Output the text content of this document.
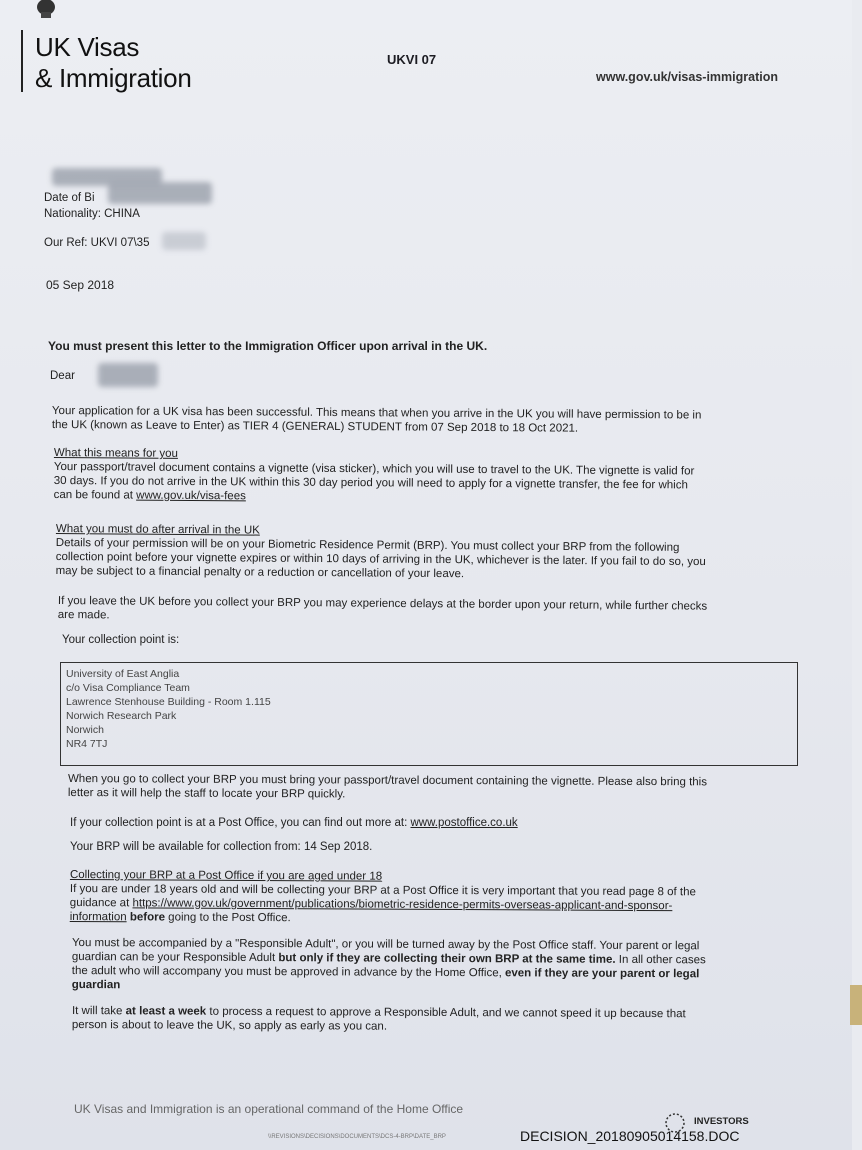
UK Visas
& Immigration
UKVI 07
www.gov.uk/visas-immigration
Date of Bi
Nationality: CHINA
Our Ref: UKVI 07\35
05 Sep 2018
You must present this letter to the Immigration Officer upon arrival in the UK.
Dear
Your application for a UK visa has been successful. This means that when you arrive in the UK you will have permission to be in
the UK (known as Leave to Enter) as TIER 4 (GENERAL) STUDENT from 07 Sep 2018 to 18 Oct 2021.
What this means for you
Your passport/travel document contains a vignette (visa sticker), which you will use to travel to the UK. The vignette is valid for
30 days. If you do not arrive in the UK within this 30 day period you will need to apply for a vignette transfer, the fee for which
can be found at www.gov.uk/visa-fees
What you must do after arrival in the UK
Details of your permission will be on your Biometric Residence Permit (BRP). You must collect your BRP from the following
collection point before your vignette expires or within 10 days of arriving in the UK, whichever is the later. If you fail to do so, you
may be subject to a financial penalty or a reduction or cancellation of your leave.
If you leave the UK before you collect your BRP you may experience delays at the border upon your return, while further checks
are made.
Your collection point is:
University of East Anglia
c/o Visa Compliance Team
Lawrence Stenhouse Building - Room 1.115
Norwich Research Park
Norwich
NR4 7TJ
When you go to collect your BRP you must bring your passport/travel document containing the vignette. Please also bring this
letter as it will help the staff to locate your BRP quickly.
If your collection point is at a Post Office, you can find out more at: www.postoffice.co.uk
Your BRP will be available for collection from: 14 Sep 2018.
Collecting your BRP at a Post Office if you are aged under 18
If you are under 18 years old and will be collecting your BRP at a Post Office it is very important that you read page 8 of the
guidance at https://www.gov.uk/government/publications/biometric-residence-permits-overseas-applicant-and-sponsor-
information before going to the Post Office.
You must be accompanied by a "Responsible Adult", or you will be turned away by the Post Office staff. Your parent or legal
guardian can be your Responsible Adult but only if they are collecting their own BRP at the same time. In all other cases
the adult who will accompany you must be approved in advance by the Home Office, even if they are your parent or legal
guardian
It will take at least a week to process a request to approve a Responsible Adult, and we cannot speed it up because that
person is about to leave the UK, so apply as early as you can.
UK Visas and Immigration is an operational command of the Home Office
\\REVISIONS\DECISIONS\DOCUMENTS\DCS-4-BRP\DATE_BRP	DECISION_20180905014158.DOC
INVESTORS
